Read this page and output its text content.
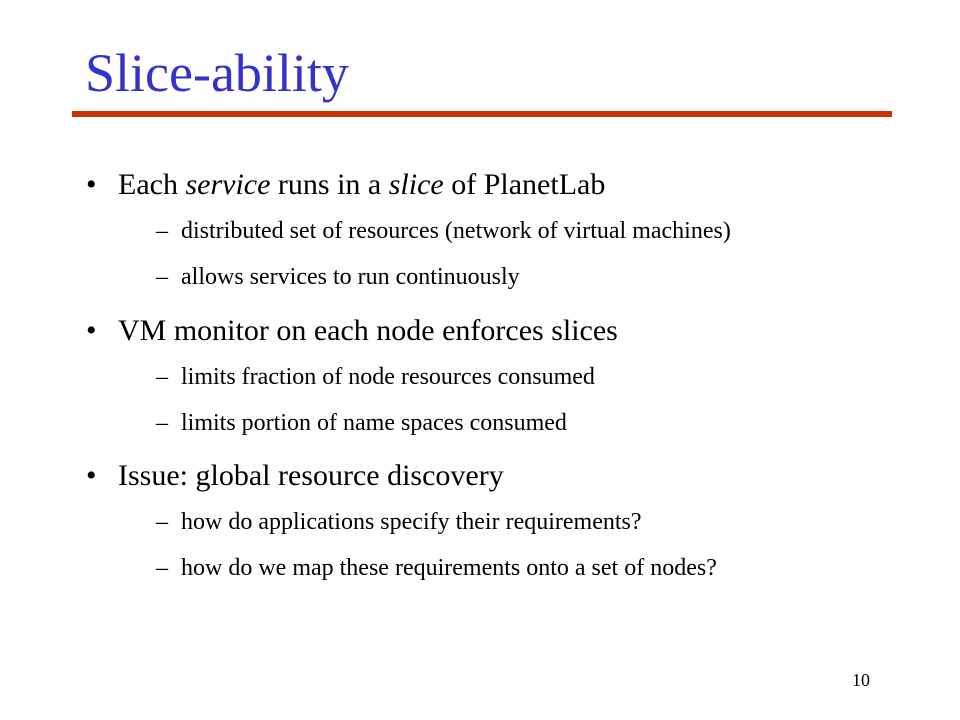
Slice-ability
• Each service runs in a slice of PlanetLab
– distributed set of resources (network of virtual machines)
– allows services to run continuously
• VM monitor on each node enforces slices
– limits fraction of node resources consumed
– limits portion of name spaces consumed
• Issue: global resource discovery
– how do applications specify their requirements?
– how do we map these requirements onto a set of nodes?
10
